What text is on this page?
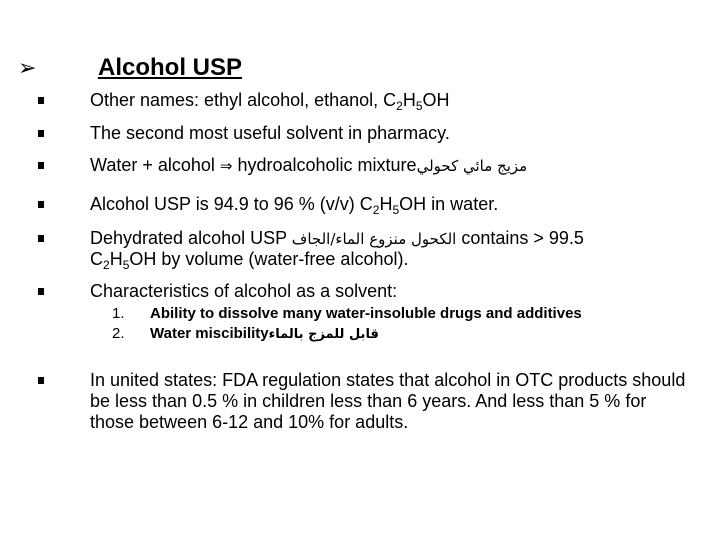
➢	Alcohol USP
Other names: ethyl alcohol, ethanol, $C_2H_5OH$
The second most useful solvent in pharmacy.
Water + alcohol ⇒ hydroalcoholic mixtureمزيج مائي كحولي
Alcohol USP is 94.9 to 96 % (v/v) $C_2H_5OH$ in water.
Dehydrated alcohol USP الكحول منزوع الماء/الجاف contains > 99.5
$C_2H_5OH$ by volume (water-free alcohol).
Characteristics of alcohol as a solvent:
1. Ability to dissolve many water-insoluble drugs and additives
2. Water miscibilityقابل للمزج بالماء
In united states: FDA regulation states that alcohol in OTC products should be less than 0.5 % in children less than 6 years. And less than 5 % for those between 6-12 and 10% for adults.
